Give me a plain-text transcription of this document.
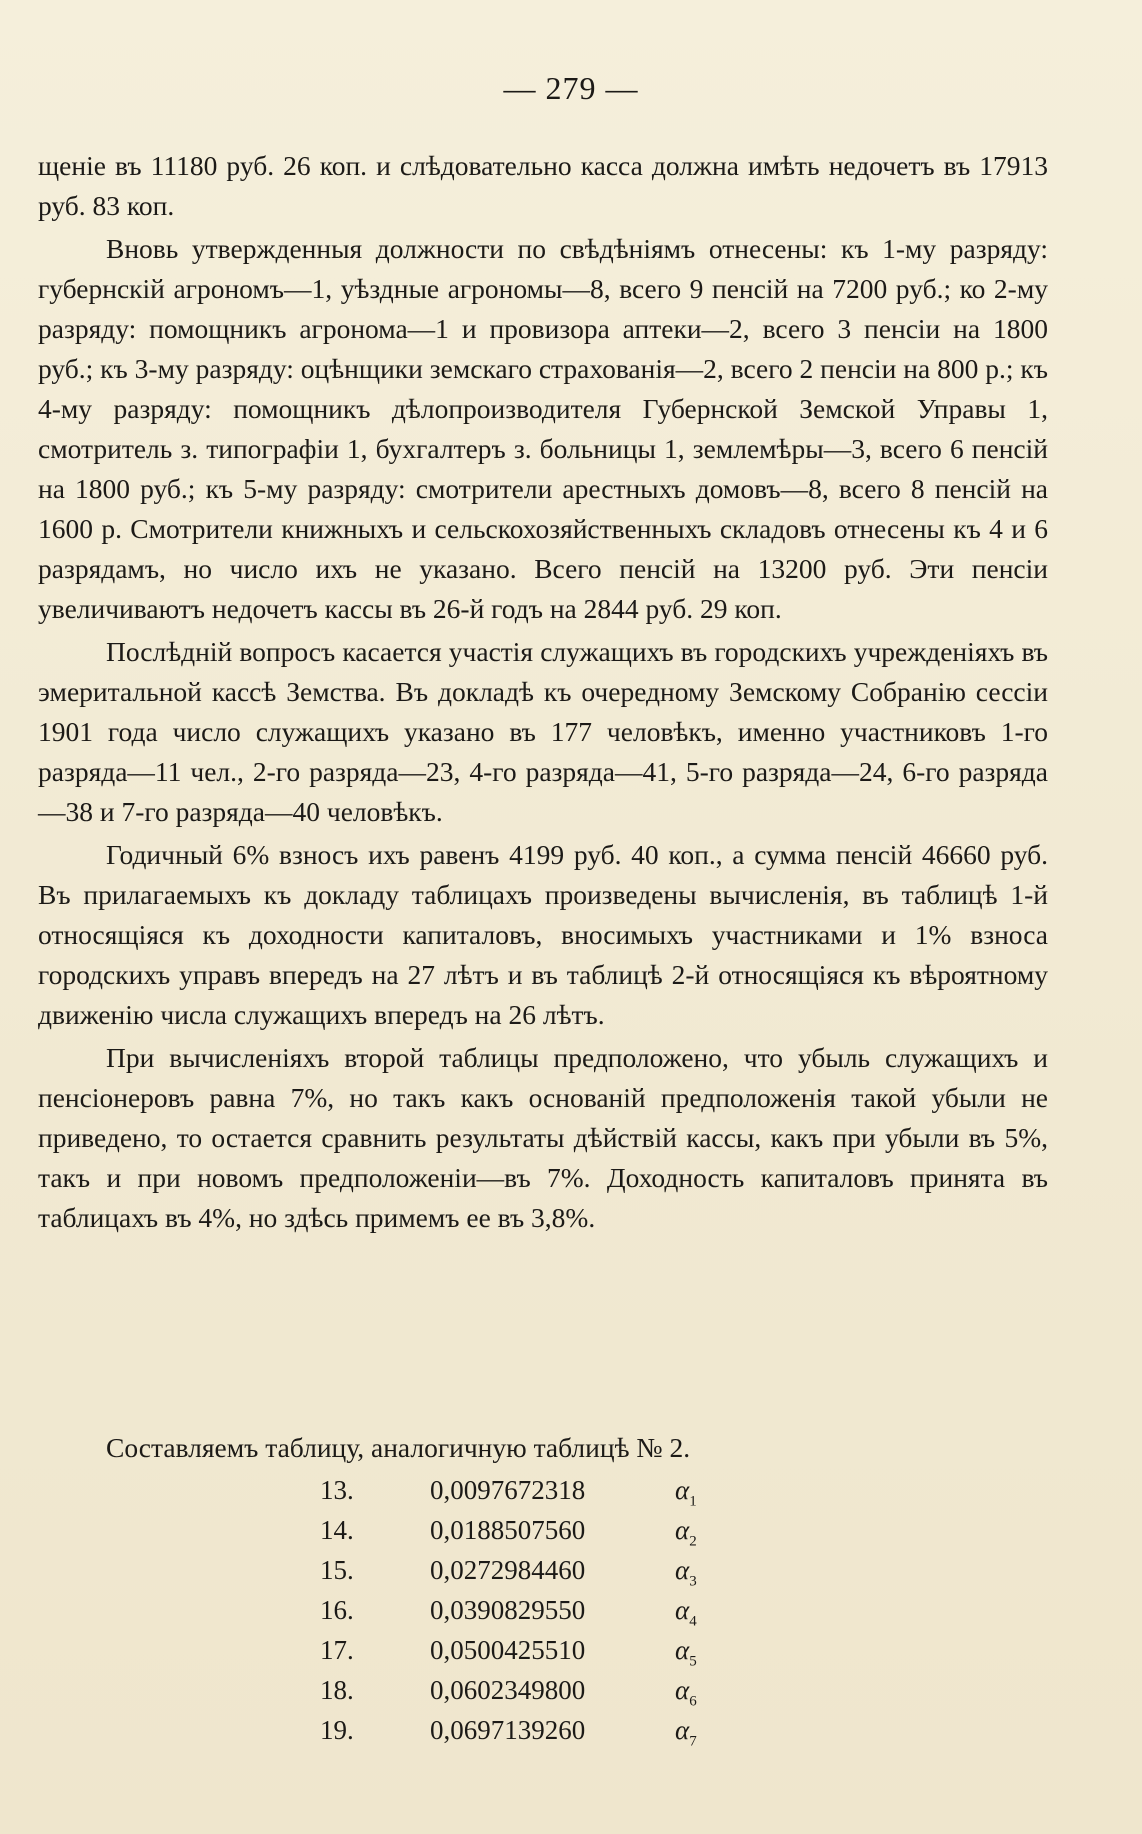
— 279 —

щеніе въ 11180 руб. 26 коп. и слѣдовательно касса должна имѣть недочетъ въ 17913 руб. 83 коп.

Вновь утвержденныя должности по свѣдѣніямъ отнесены: къ 1-му разряду: губернскій агрономъ—1, уѣздные агрономы—8, всего 9 пенсій на 7200 руб.; ко 2-му разряду: помощникъ агронома—1 и провизора аптеки—2, всего 3 пенсіи на 1800 руб.; къ 3-му разряду: оцѣнщики земскаго страхованія—2, всего 2 пенсіи на 800 р.; къ 4-му разряду: помощникъ дѣлопроизводителя Губернской Земской Управы 1, смотритель з. типографіи 1, бухгалтеръ з. больницы 1, землемѣры—3, всего 6 пенсій на 1800 руб.; къ 5-му разряду: смотрители арестныхъ домовъ—8, всего 8 пенсій на 1600 р. Смотрители книжныхъ и сельскохозяйственныхъ складовъ отнесены къ 4 и 6 разрядамъ, но число ихъ не указано. Всего пенсій на 13200 руб. Эти пенсіи увеличиваютъ недочетъ кассы въ 26-й годъ на 2844 руб. 29 коп.

Послѣдній вопросъ касается участія служащихъ въ городскихъ учрежденіяхъ въ эмеритальной кассѣ Земства. Въ докладѣ къ очередному Земскому Собранію сессіи 1901 года число служащихъ указано въ 177 человѣкъ, именно участниковъ 1-го разряда—11 чел., 2-го разряда—23, 4-го разряда—41, 5-го разряда—24, 6-го разряда—38 и 7-го разряда—40 человѣкъ.

Годичный 6% взносъ ихъ равенъ 4199 руб. 40 коп., а сумма пенсій 46660 руб. Въ прилагаемыхъ къ докладу таблицахъ произведены вычисленія, въ таблицѣ 1-й относящіяся къ доходности капиталовъ, вносимыхъ участниками и 1% взноса городскихъ управъ впередъ на 27 лѣтъ и въ таблицѣ 2-й относящіяся къ вѣроятному движенію числа служащихъ впередъ на 26 лѣтъ.

При вычисленіяхъ второй таблицы предположено, что убыль служащихъ и пенсіонеровъ равна 7%, но такъ какъ основаній предположенія такой убыли не приведено, то остается сравнить результаты дѣйствій кассы, какъ при убыли въ 5%, такъ и при новомъ предположеніи—въ 7%. Доходность капиталовъ принята въ таблицахъ въ 4%, но здѣсь примемъ ее въ 3,8%.

Составляемъ таблицу, аналогичную таблицѣ № 2.
13.	0,0097672318	$\alpha_1$
14.	0,0188507560	$\alpha_2$
15.	0,0272984460	$\alpha_3$
16.	0,0390829550	$\alpha_4$
17.	0,0500425510	$\alpha_5$
18.	0,0602349800	$\alpha_6$
19.	0,0697139260	$\alpha_7$
